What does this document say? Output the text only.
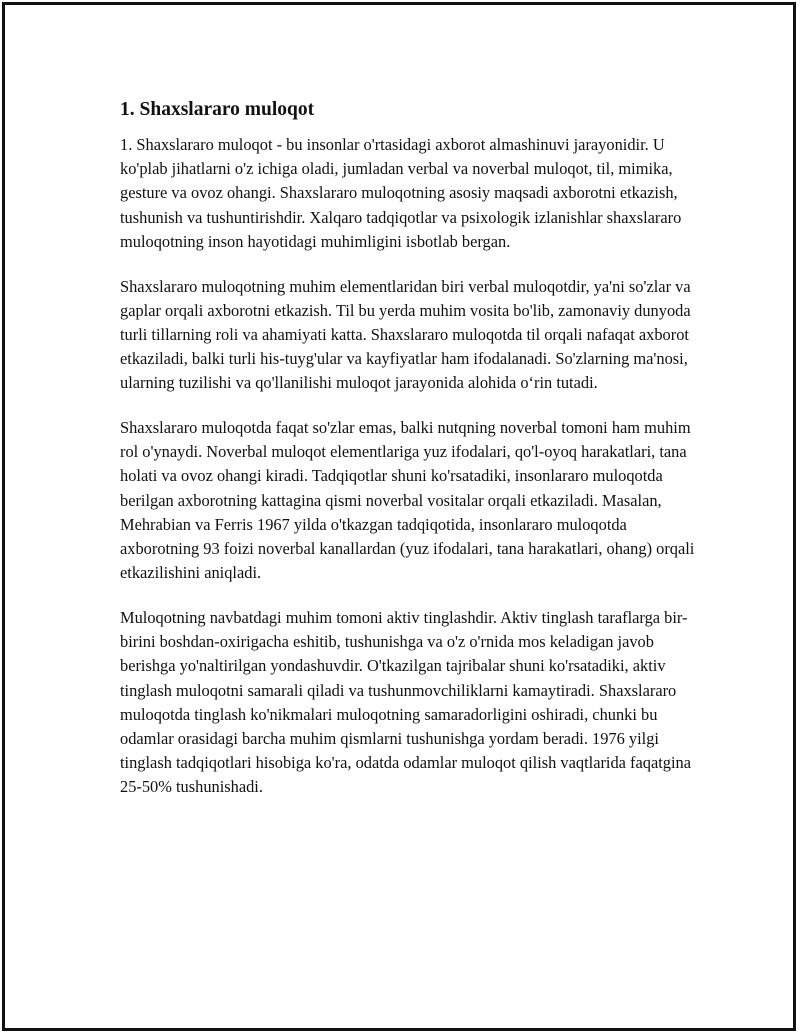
1. Shaxslararo muloqot

1. Shaxslararo muloqot - bu insonlar o'rtasidagi axborot almashinuvi jarayonidir. U ko'plab jihatlarni o'z ichiga oladi, jumladan verbal va noverbal muloqot, til, mimika, gesture va ovoz ohangi. Shaxslararo muloqotning asosiy maqsadi axborotni etkazish, tushunish va tushuntirishdir. Xalqaro tadqiqotlar va psixologik izlanishlar shaxslararo muloqotning inson hayotidagi muhimligini isbotlab bergan.

Shaxslararo muloqotning muhim elementlaridan biri verbal muloqotdir, ya'ni so'zlar va gaplar orqali axborotni etkazish. Til bu yerda muhim vosita bo'lib, zamonaviy dunyoda turli tillarning roli va ahamiyati katta. Shaxslararo muloqotda til orqali nafaqat axborot etkaziladi, balki turli his-tuyg'ular va kayfiyatlar ham ifodalanadi. So'zlarning ma'nosi, ularning tuzilishi va qo'llanilishi muloqot jarayonida alohida o‘rin tutadi.

Shaxslararo muloqotda faqat so'zlar emas, balki nutqning noverbal tomoni ham muhim rol o'ynaydi. Noverbal muloqot elementlariga yuz ifodalari, qo'l-oyoq harakatlari, tana holati va ovoz ohangi kiradi. Tadqiqotlar shuni ko'rsatadiki, insonlararo muloqotda berilgan axborotning kattagina qismi noverbal vositalar orqali etkaziladi. Masalan, Mehrabian va Ferris 1967 yilda o'tkazgan tadqiqotida, insonlararo muloqotda axborotning 93 foizi noverbal kanallardan (yuz ifodalari, tana harakatlari, ohang) orqali etkazilishini aniqladi.

Muloqotning navbatdagi muhim tomoni aktiv tinglashdir. Aktiv tinglash taraflarga bir-birini boshdan-oxirigacha eshitib, tushunishga va o'z o'rnida mos keladigan javob berishga yo'naltirilgan yondashuvdir. O'tkazilgan tajribalar shuni ko'rsatadiki, aktiv tinglash muloqotni samarali qiladi va tushunmovchiliklarni kamaytiradi. Shaxslararo muloqotda tinglash ko'nikmalari muloqotning samaradorligini oshiradi, chunki bu odamlar orasidagi barcha muhim qismlarni tushunishga yordam beradi. 1976 yilgi tinglash tadqiqotlari hisobiga ko'ra, odatda odamlar muloqot qilish vaqtlarida faqatgina 25-50% tushunishadi.
